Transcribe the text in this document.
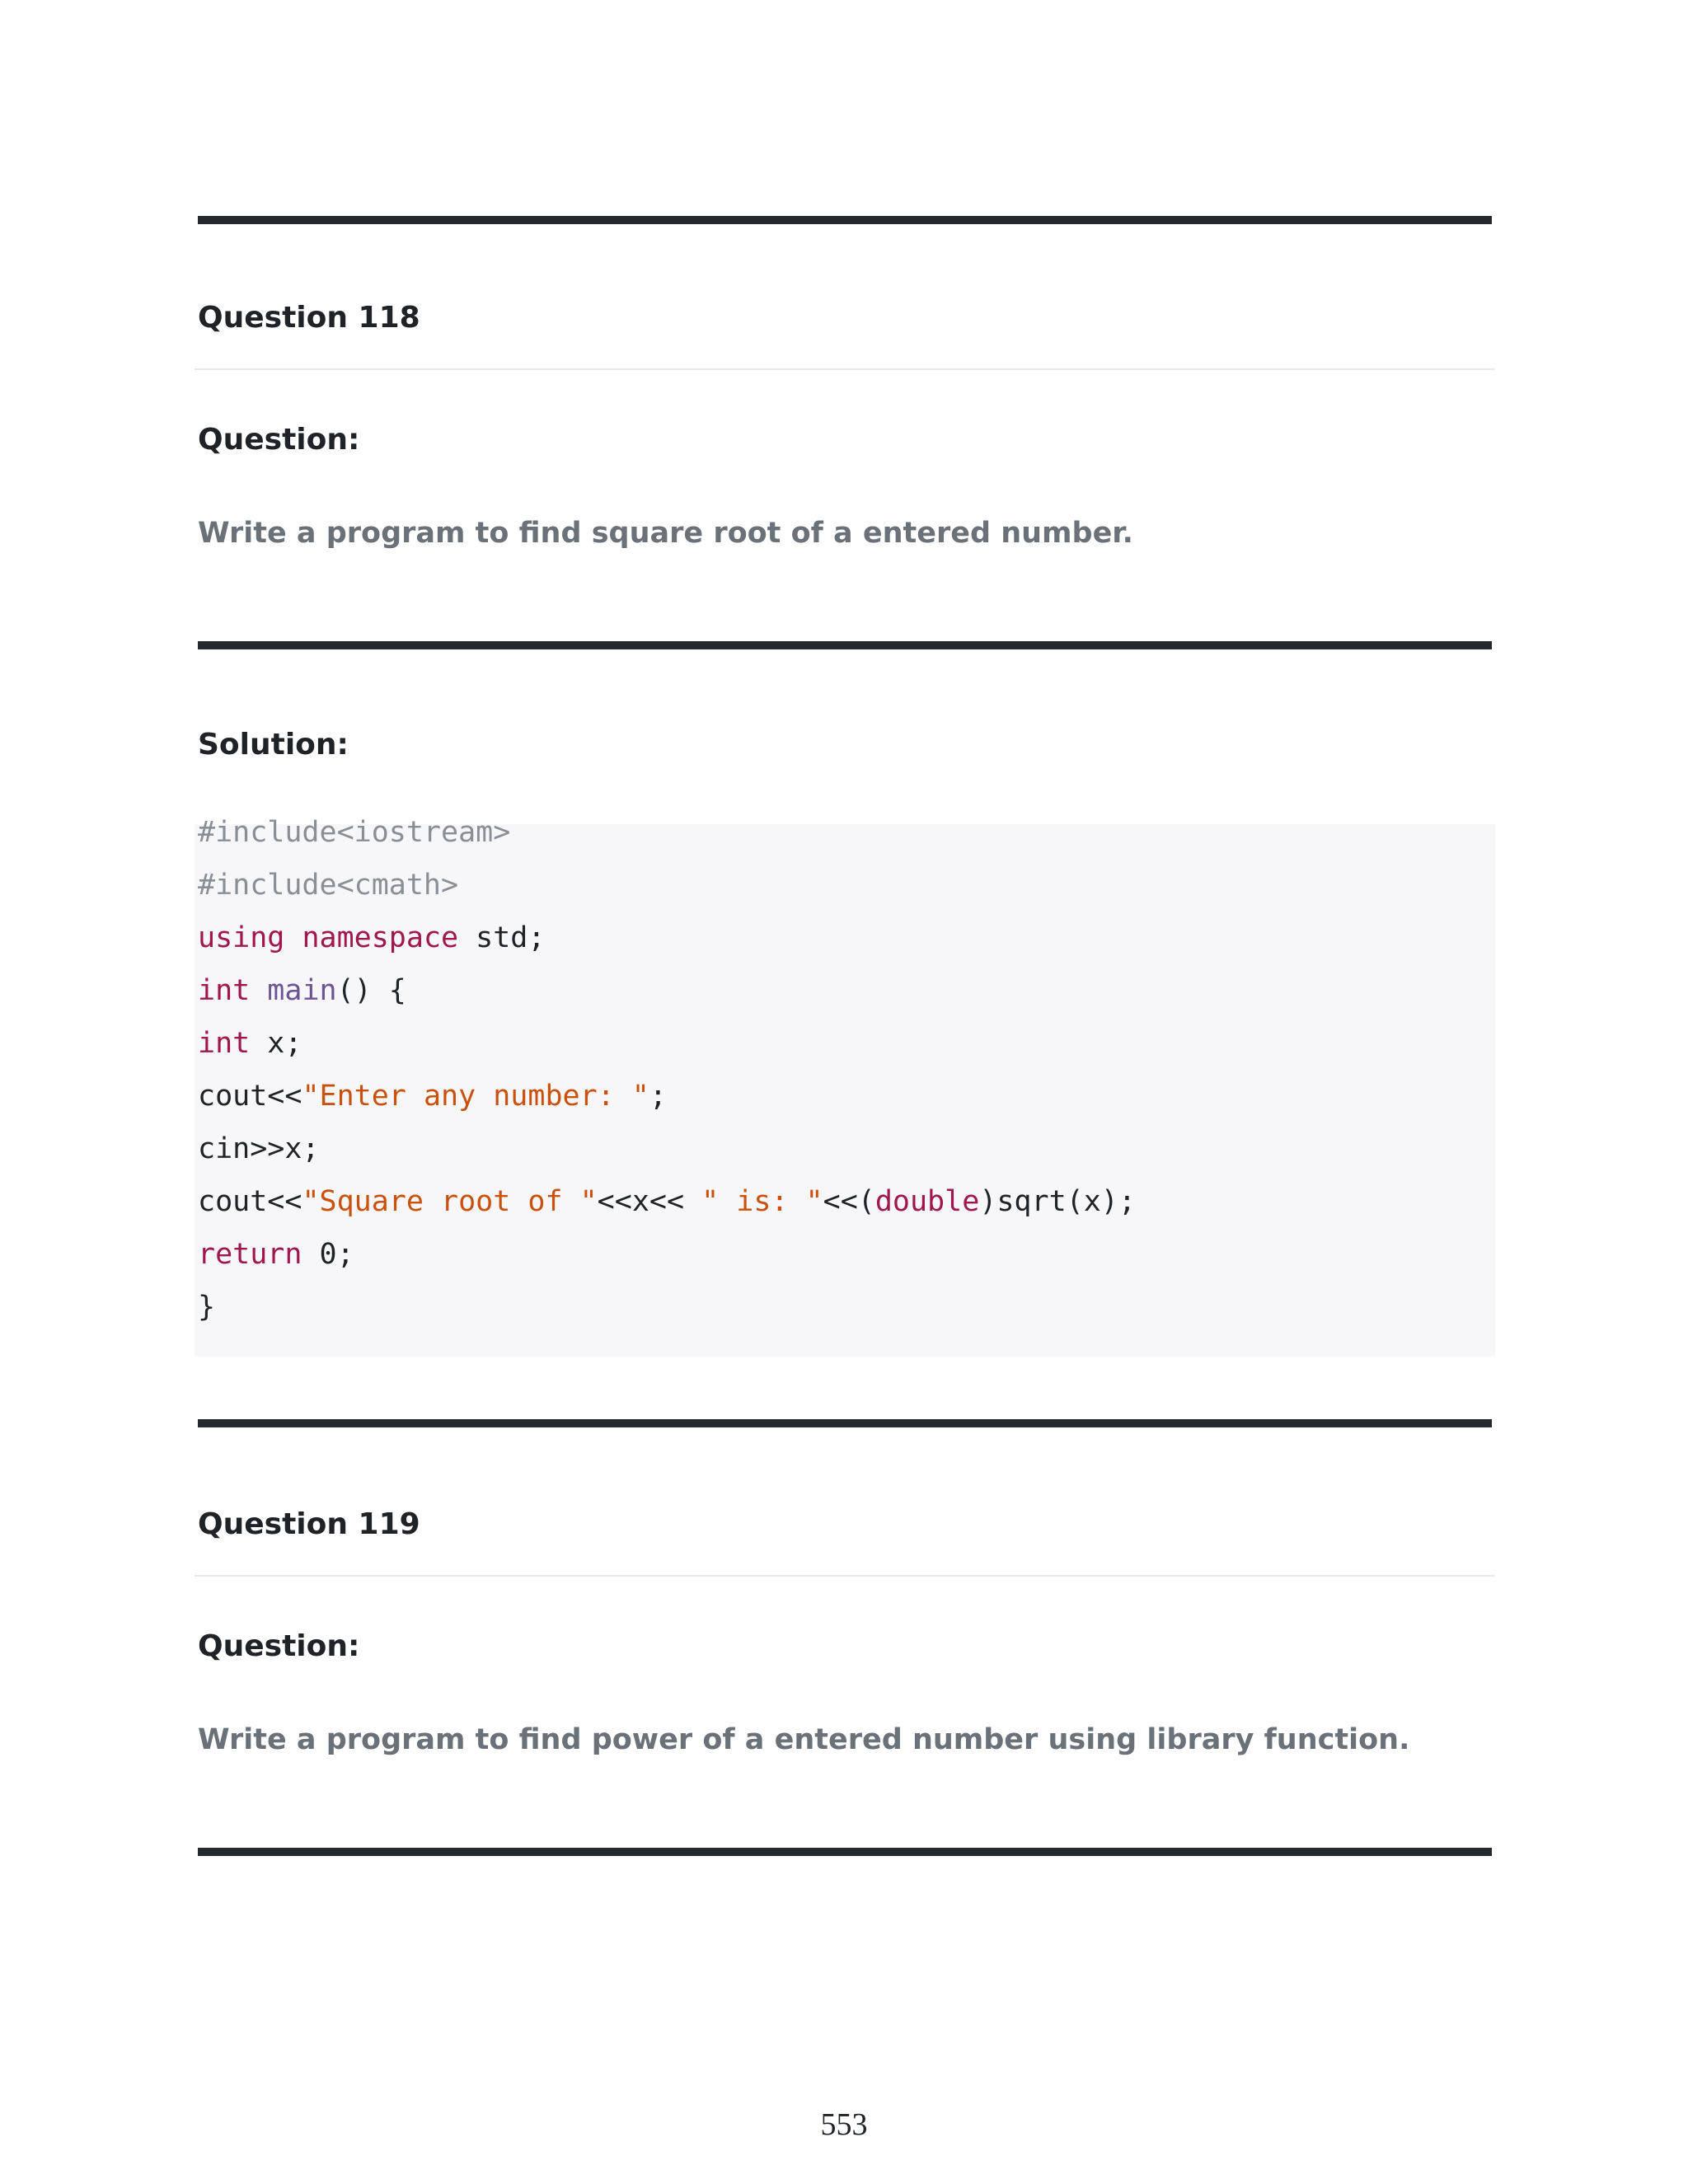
Question 118
Question:
Write a program to find square root of a entered number.
Solution:
#include<iostream>
#include<cmath>
using namespace std;
int main() {
int x;
cout<<"Enter any number: ";
cin>>x;
cout<<"Square root of "<<x<< " is: "<<(double)sqrt(x);
return 0;
}
Question 119
Question:
Write a program to find power of a entered number using library function.
553
